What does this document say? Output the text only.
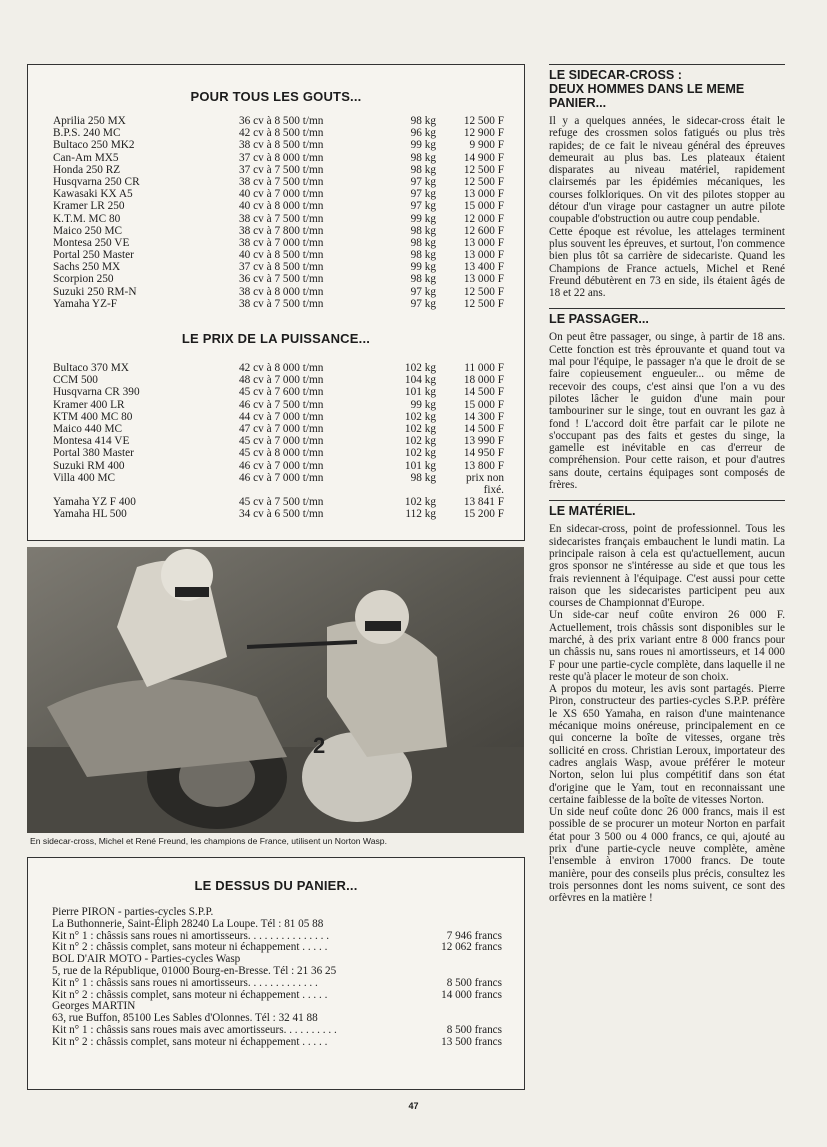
POUR TOUS LES GOUTS...
Aprilia 250 MX	36 cv à 8 500 t/mn	98 kg	12 500 F
B.P.S. 240 MC	42 cv à 8 500 t/mn	96 kg	12 900 F
Bultaco 250 MK2	38 cv à 8 500 t/mn	99 kg	9 900 F
Can-Am MX5	37 cv à 8 000 t/mn	98 kg	14 900 F
Honda 250 RZ	37 cv à 7 500 t/mn	98 kg	12 500 F
Husqvarna 250 CR	38 cv à 7 500 t/mn	97 kg	12 500 F
Kawasaki KX A5	40 cv à 7 000 t/mn	97 kg	13 000 F
Kramer LR 250	40 cv à 8 000 t/mn	97 kg	15 000 F
K.T.M. MC 80	38 cv à 7 500 t/mn	99 kg	12 000 F
Maico 250 MC	38 cv à 7 800 t/mn	98 kg	12 600 F
Montesa 250 VE	38 cv à 7 000 t/mn	98 kg	13 000 F
Portal 250 Master	40 cv à 8 500 t/mn	98 kg	13 000 F
Sachs 250 MX	37 cv à 8 500 t/mn	99 kg	13 400 F
Scorpion 250	36 cv à 7 500 t/mn	98 kg	13 000 F
Suzuki 250 RM-N	38 cv à 8 000 t/mn	97 kg	12 500 F
Yamaha YZ-F	38 cv à 7 500 t/mn	97 kg	12 500 F
LE PRIX DE LA PUISSANCE...
Bultaco 370 MX	42 cv à 8 000 t/mn	102 kg	11 000 F
CCM 500	48 cv à 7 000 t/mn	104 kg	18 000 F
Husqvarna CR 390	45 cv à 7 600 t/mn	101 kg	14 500 F
Kramer 400 LR	46 cv à 7 500 t/mn	99 kg	15 000 F
KTM 400 MC 80	44 cv à 7 000 t/mn	102 kg	14 300 F
Maico 440 MC	47 cv à 7 000 t/mn	102 kg	14 500 F
Montesa 414 VE	45 cv à 7 000 t/mn	102 kg	13 990 F
Portal 380 Master	45 cv à 8 000 t/mn	102 kg	14 950 F
Suzuki RM 400	46 cv à 7 000 t/mn	101 kg	13 800 F
Villa 400 MC	46 cv à 7 000 t/mn	98 kg	prix non
fixé.
Yamaha YZ F 400	45 cv à 7 500 t/mn	102 kg	13 841 F
Yamaha HL 500	34 cv à 6 500 t/mn	112 kg	15 200 F
2
En sidecar-cross, Michel et René Freund, les champions de France, utilisent un Norton Wasp.
LE DESSUS DU PANIER...
Pierre PIRON - parties-cycles S.P.P.
La Buthonnerie, Saint-Éliph 28240 La Loupe. Tél : 81 05 88
Kit n° 1 : châssis sans roues ni amortisseurs. . . . . . . . . . . . . . .	7 946 francs
Kit n° 2 : châssis complet, sans moteur ni échappement . . . . .	12 062 francs
BOL D'AIR MOTO - Parties-cycles Wasp
5, rue de la République, 01000 Bourg-en-Bresse. Tél : 21 36 25
Kit n° 1 : châssis sans roues ni amortisseurs. . . . . . . . . . . . .	8 500 francs
Kit n° 2 : châssis complet, sans moteur ni échappement . . . . .	14 000 francs
Georges MARTIN
63, rue Buffon, 85100 Les Sables d'Olonnes. Tél : 32 41 88
Kit n° 1 : châssis sans roues mais avec amortisseurs. . . . . . . . . .	8 500 francs
Kit n° 2 : châssis complet, sans moteur ni échappement . . . . .	13 500 francs
LE SIDECAR-CROSS :
DEUX HOMMES DANS LE MEME
PANIER...
Il y a quelques années, le sidecar-cross était le refuge des crossmen solos fatigués ou plus très rapides; de ce fait le niveau général des épreuves demeurait au plus bas. Les plateaux étaient disparates au niveau matériel, rapidement clairsemés par les épidémies mécaniques, les courses folkloriques. On vit des pilotes stopper au détour d'un virage pour castagner un autre pilote coupable d'obstruction ou autre coup pendable.
Cette époque est révolue, les attelages terminent plus souvent les épreuves, et surtout, l'on commence bien plus tôt sa carrière de sidecariste. Quand les Champions de France actuels, Michel et René Freund débutèrent en 73 en side, ils étaient âgés de 18 et 22 ans.
LE PASSAGER...
On peut être passager, ou singe, à partir de 18 ans. Cette fonction est très éprouvante et quand tout va mal pour l'équipe, le passager n'a que le droit de se faire copieusement engueuler... ou même de recevoir des coups, c'est ainsi que l'on a vu des pilotes lâcher le guidon d'une main pour tambouriner sur le singe, tout en ouvrant les gaz à fond ! L'accord doit être parfait car le pilote ne s'occupant pas des faits et gestes du singe, la gamelle est inévitable en cas d'erreur de compréhension. Pour cette raison, et pour d'autres sans doute, certains équipages sont composés de frères.
LE MATÉRIEL.
En sidecar-cross, point de professionnel. Tous les sidecaristes français embauchent le lundi matin. La principale raison à cela est qu'actuellement, aucun gros sponsor ne s'intéresse au side et que tous les frais reviennent à l'équipage. C'est aussi pour cette raison que les sidecaristes participent peu aux courses de Championnat d'Europe.
Un side-car neuf coûte environ 26 000 F. Actuellement, trois châssis sont disponibles sur le marché, à des prix variant entre 8 000 francs pour un châssis nu, sans roues ni amortisseurs, et 14 000 F pour une partie-cycle complète, dans laquelle il ne reste qu'à placer le moteur de son choix.
A propos du moteur, les avis sont partagés. Pierre Piron, constructeur des parties-cycles S.P.P. préfère le XS 650 Yamaha, en raison d'une maintenance mécanique moins onéreuse, principalement en ce qui concerne la boîte de vitesses, organe très sollicité en cross. Christian Leroux, importateur des cadres anglais Wasp, avoue préférer le moteur Norton, selon lui plus compétitif dans son état d'origine que le Yam, tout en reconnaissant une certaine faiblesse de la boîte de vitesses Norton.
Un side neuf coûte donc 26 000 francs, mais il est possible de se procurer un moteur Norton en parfait état pour 3 500 ou 4 000 francs, ce qui, ajouté au prix d'une partie-cycle neuve complète, amène l'ensemble à environ 17000 francs. De toute manière, pour des conseils plus précis, consultez les trois personnes dont les noms suivent, ce sont des orfèvres en la matière !
47
